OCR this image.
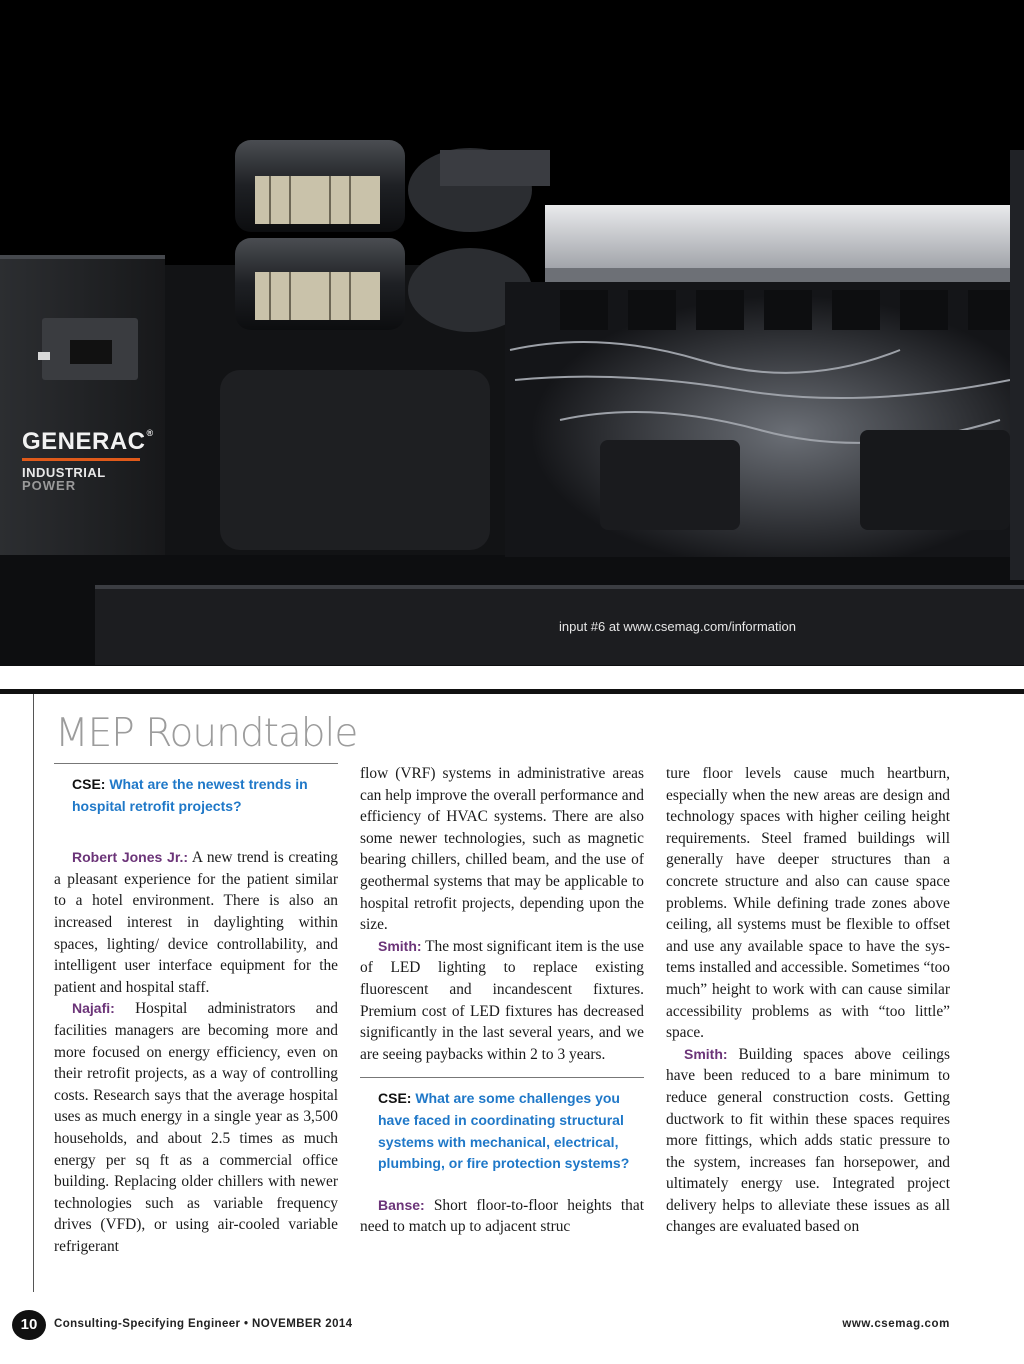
GENERAC®
INDUSTRIAL
POWER
input #6 at www.csemag.com/information
MEP Roundtable
CSE: What are the newest trends in hospital retrofit projects?

Robert Jones Jr.: A new trend is creating a pleasant experience for the patient similar to a hotel environment. There is also an increased interest in daylighting within spaces, lighting/ device controllability, and intelligent user interface equipment for the patient and hospital staff.

Najafi: Hospital administrators and facilities managers are becoming more and more focused on energy efficiency, even on their retrofit projects, as a way of controlling costs. Research says that the average hospital uses as much energy in a single year as 3,500 households, and about 2.5 times as much energy per sq ft as a commercial office building. Replacing older chillers with newer technologies such as variable frequency drives (VFD), or using air-cooled variable refrigerant

flow (VRF) systems in administrative areas can help improve the overall performance and efficiency of HVAC systems. There are also some newer technologies, such as magnetic bearing chillers, chilled beam, and the use of geothermal systems that may be applicable to hospital retrofit projects, depending upon the size.

Smith: The most significant item is the use of LED lighting to replace existing fluorescent and incandescent fixtures. Premium cost of LED fixtures has decreased significantly in the last several years, and we are seeing paybacks within 2 to 3 years.

CSE: What are some challenges you have faced in coordinating structural systems with mechanical, electrical, plumbing, or fire protection systems?

Banse: Short floor-to-floor heights that need to match up to adjacent struc

ture floor levels cause much heartburn, especially when the new areas are design and technology spaces with higher ceiling height requirements. Steel framed buildings will generally have deeper structures than a concrete structure and also can cause space problems. While defining trade zones above ceiling, all systems must be flexible to offset and use any available space to have the systems installed and accessible. Sometimes “too much” height to work with can cause similar accessibility problems as with “too little” space.

Smith: Building spaces above ceilings have been reduced to a bare minimum to reduce general construction costs. Getting ductwork to fit within these spaces requires more fittings, which adds static pressure to the system, increases fan horsepower, and ultimately energy use. Integrated project delivery helps to alleviate these issues as all changes are evaluated based on

10	Consulting-Specifying Engineer • NOVEMBER 2014	www.csemag.com
